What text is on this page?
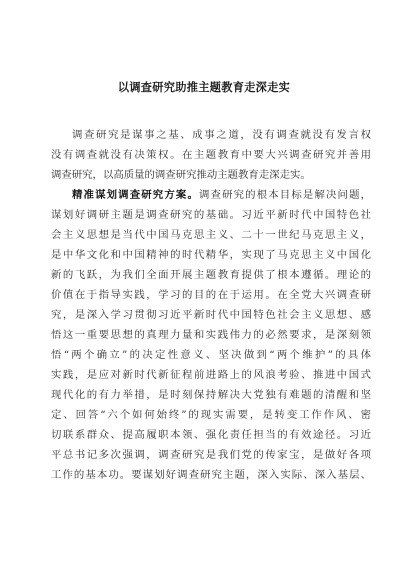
以调查研究助推主题教育走深走实
调查研究是谋事之基、成事之道，没有调查就没有发言权
没有调查就没有决策权。在主题教育中要大兴调查研究并善用
调查研究，以高质量的调查研究推动主题教育走深走实。
精准谋划调查研究方案。调查研究的根本目标是解决问题，
谋划好调研主题是调查研究的基础。习近平新时代中国特色社
会主义思想是当代中国马克思主义、二十一世纪马克思主义，
是中华文化和中国精神的时代精华，实现了马克思主义中国化
新的飞跃，为我们全面开展主题教育提供了根本遵循。理论的
价值在于指导实践，学习的目的在于运用。在全党大兴调查研
究，是深入学习贯彻习近平新时代中国特色社会主义思想、感
悟这一重要思想的真理力量和实践伟力的必然要求，是深刻领
悟“两个确立”的决定性意义、坚决做到“两个维护”的具体
实践，是应对新时代新征程前进路上的风浪考验、推进中国式
现代化的有力举措，是时刻保持解决大党独有难题的清醒和坚
定、回答“六个如何始终”的现实需要，是转变工作作风、密
切联系群众、提高履职本领、强化责任担当的有效途径。习近
平总书记多次强调，调查研究是我们党的传家宝，是做好各项
工作的基本功。要谋划好调查研究主题，深入实际、深入基层、
